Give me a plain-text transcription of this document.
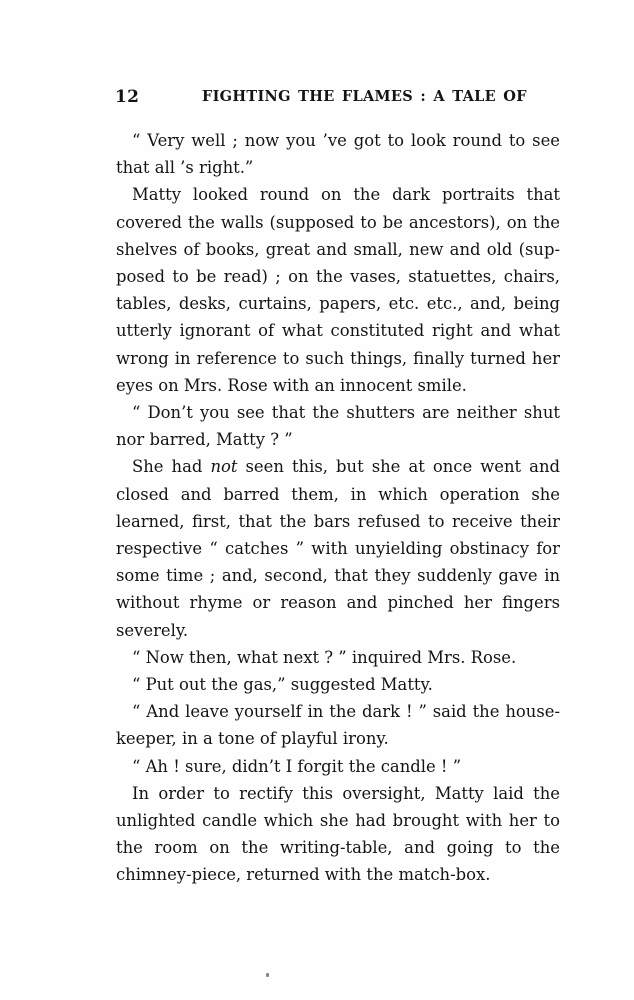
12	FIGHTING THE FLAMES : A TALE OF

“ Very well ; now you ’ve got to look round to see that all ’s right.”

Matty looked round on the dark portraits that covered the walls (supposed to be ancestors), on the shelves of books, great and small, new and old (supposed to be read) ; on the vases, statuettes, chairs, tables, desks, curtains, papers, etc. etc., and, being utterly ignorant of what constituted right and what wrong in reference to such things, finally turned her eyes on Mrs. Rose with an innocent smile.

“ Don’t you see that the shutters are neither shut nor barred, Matty ? ”

She had not seen this, but she at once went and closed and barred them, in which operation she learned, first, that the bars refused to receive their respective “ catches ” with unyielding obstinacy for some time ; and, second, that they suddenly gave in without rhyme or reason and pinched her fingers severely.

“ Now then, what next ? ” inquired Mrs. Rose.

“ Put out the gas,” suggested Matty.

“ And leave yourself in the dark ! ” said the housekeeper, in a tone of playful irony.

“ Ah ! sure, didn’t I forgit the candle ! ”

In order to rectify this oversight, Matty laid the unlighted candle which she had brought with her to the room on the writing-table, and going to the chimney-piece, returned with the match-box.
